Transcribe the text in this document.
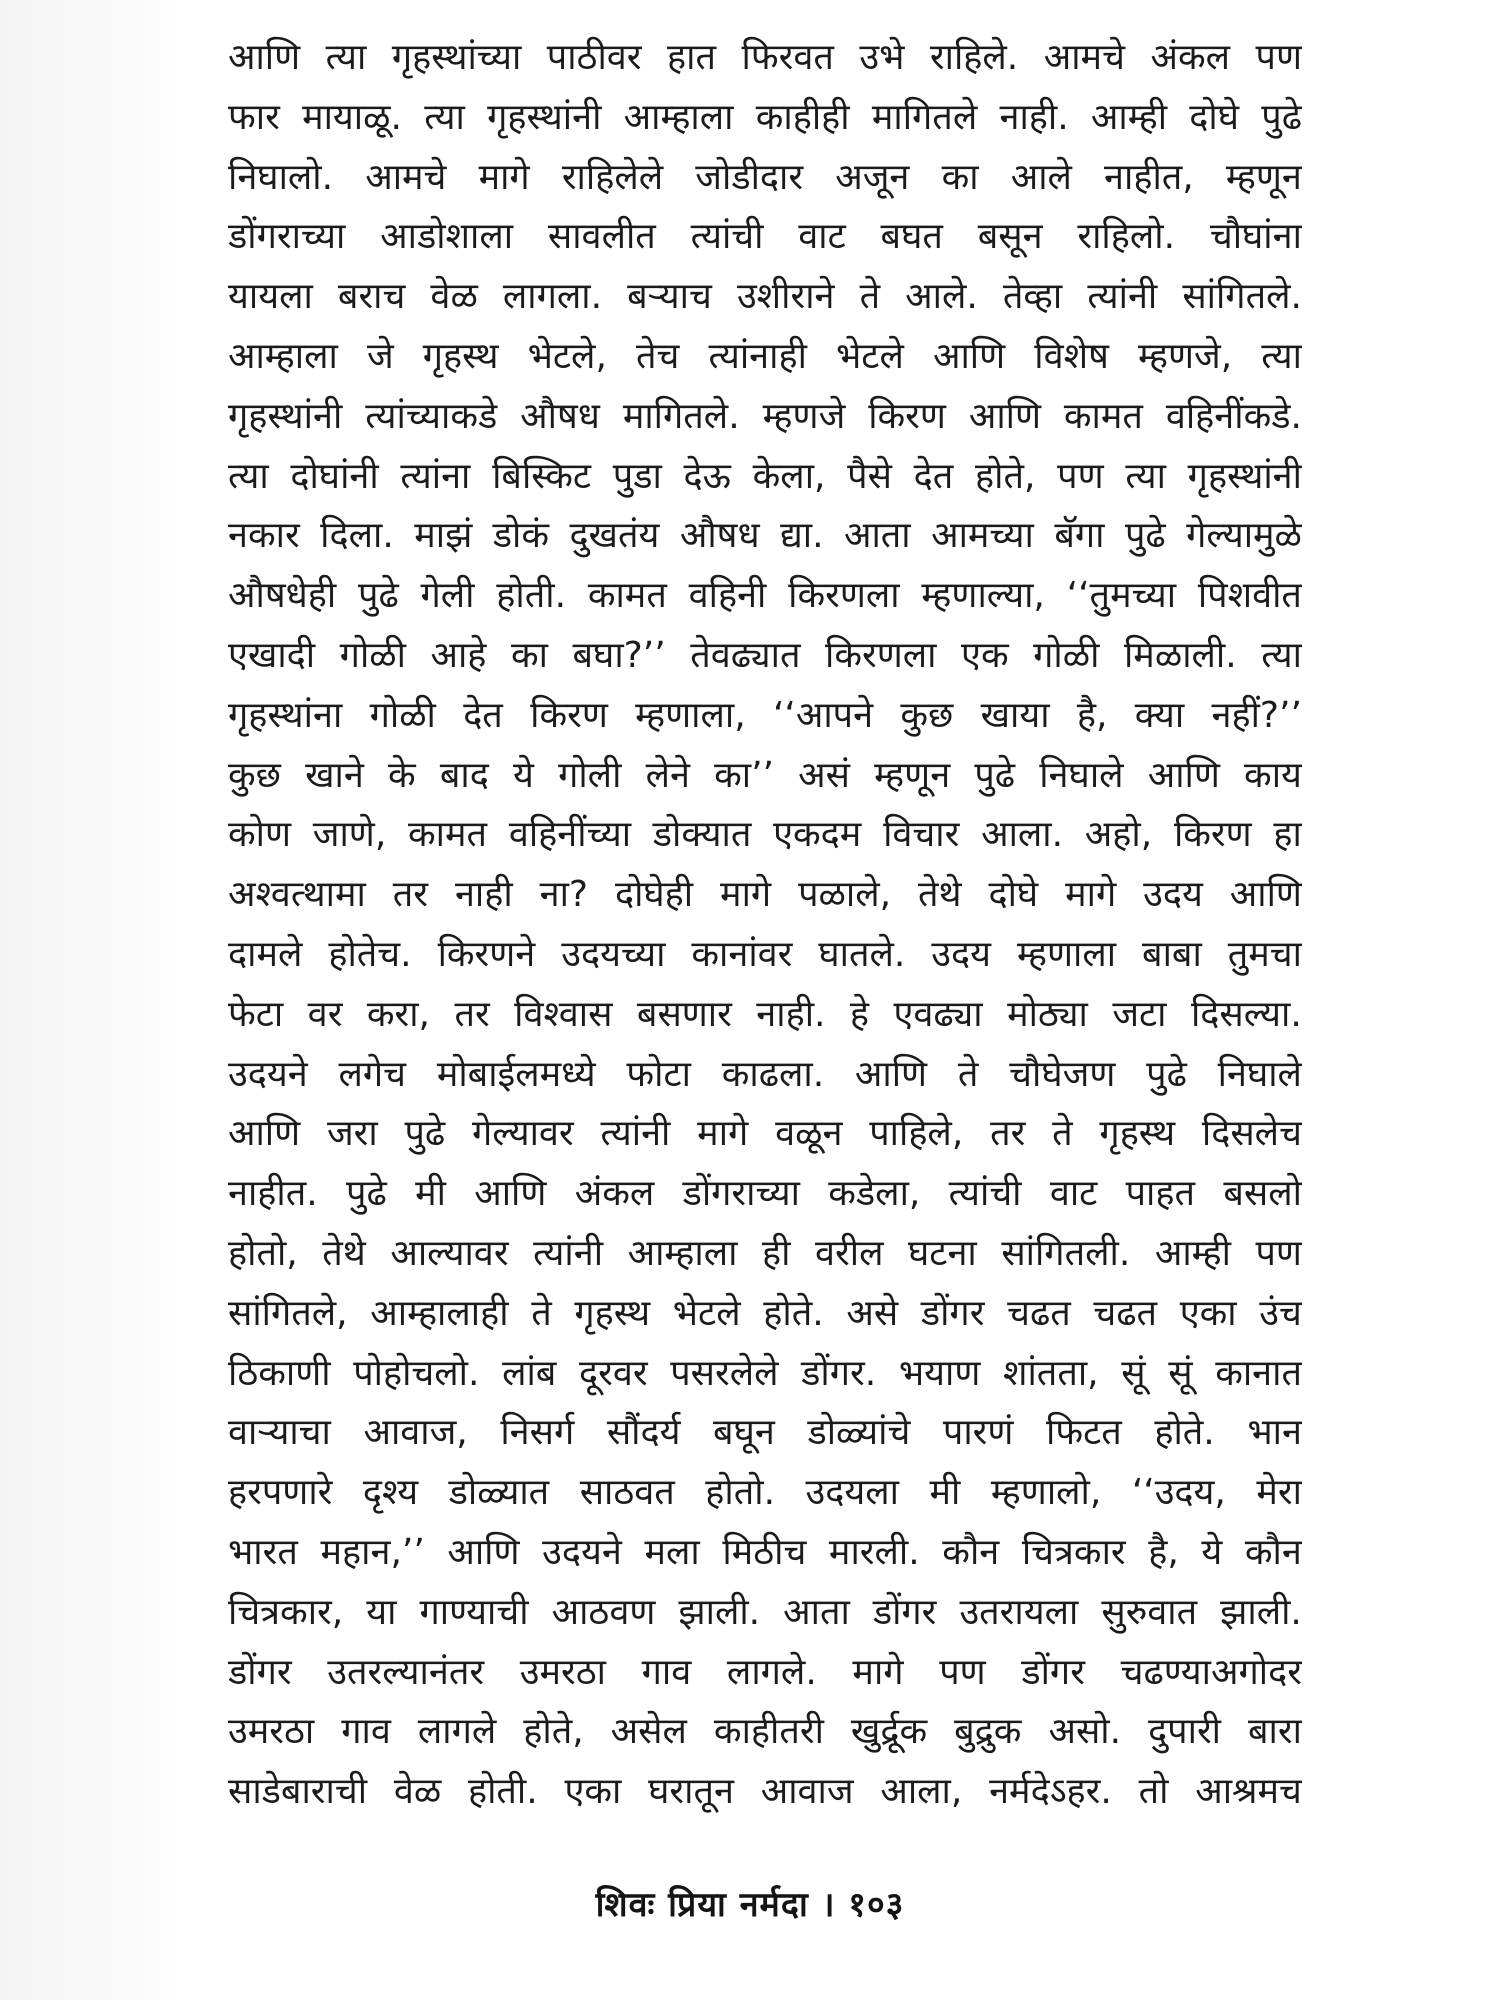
आणि त्या गृहस्थांच्या पाठीवर हात फिरवत उभे राहिले. आमचे अंकल पण
फार मायाळू. त्या गृहस्थांनी आम्हाला काहीही मागितले नाही. आम्ही दोघे पुढे
निघालो. आमचे मागे राहिलेले जोडीदार अजून का आले नाहीत, म्हणून
डोंगराच्या आडोशाला सावलीत त्यांची वाट बघत बसून राहिलो. चौघांना
यायला बराच वेळ लागला. बऱ्याच उशीराने ते आले. तेव्हा त्यांनी सांगितले.
आम्हाला जे गृहस्थ भेटले, तेच त्यांनाही भेटले आणि विशेष म्हणजे, त्या
गृहस्थांनी त्यांच्याकडे औषध मागितले. म्हणजे किरण आणि कामत वहिनींकडे.
त्या दोघांनी त्यांना बिस्किट पुडा देऊ केला, पैसे देत होते, पण त्या गृहस्थांनी
नकार दिला. माझं डोकं दुखतंय औषध द्या. आता आमच्या बॅगा पुढे गेल्यामुळे
औषधेही पुढे गेली होती. कामत वहिनी किरणला म्हणाल्या, ‘‘तुमच्या पिशवीत
एखादी गोळी आहे का बघा?’’ तेवढ्यात किरणला एक गोळी मिळाली. त्या
गृहस्थांना गोळी देत किरण म्हणाला, ‘‘आपने कुछ खाया है, क्या नहीं?’’
कुछ खाने के बाद ये गोली लेने का’’ असं म्हणून पुढे निघाले आणि काय
कोण जाणे, कामत वहिनींच्या डोक्यात एकदम विचार आला. अहो, किरण हा
अश्वत्थामा तर नाही ना? दोघेही मागे पळाले, तेथे दोघे मागे उदय आणि
दामले होतेच. किरणने उदयच्या कानांवर घातले. उदय म्हणाला बाबा तुमचा
फेटा वर करा, तर विश्वास बसणार नाही. हे एवढ्या मोठ्या जटा दिसल्या.
उदयने लगेच मोबाईलमध्ये फोटा काढला. आणि ते चौघेजण पुढे निघाले
आणि जरा पुढे गेल्यावर त्यांनी मागे वळून पाहिले, तर ते गृहस्थ दिसलेच
नाहीत. पुढे मी आणि अंकल डोंगराच्या कडेला, त्यांची वाट पाहत बसलो
होतो, तेथे आल्यावर त्यांनी आम्हाला ही वरील घटना सांगितली. आम्ही पण
सांगितले, आम्हालाही ते गृहस्थ भेटले होते. असे डोंगर चढत चढत एका उंच
ठिकाणी पोहोचलो. लांब दूरवर पसरलेले डोंगर. भयाण शांतता, सूं सूं कानात
वाऱ्याचा आवाज, निसर्ग सौंदर्य बघून डोळ्यांचे पारणं फिटत होते. भान
हरपणारे दृश्य डोळ्यात साठवत होतो. उदयला मी म्हणालो, ‘‘उदय, मेरा
भारत महान,’’ आणि उदयने मला मिठीच मारली. कौन चित्रकार है, ये कौन
चित्रकार, या गाण्याची आठवण झाली. आता डोंगर उतरायला सुरुवात झाली.
डोंगर उतरल्यानंतर उमरठा गाव लागले. मागे पण डोंगर चढण्याअगोदर
उमरठा गाव लागले होते, असेल काहीतरी खुर्द्रूक बुद्रुक असो. दुपारी बारा
साडेबाराची वेळ होती. एका घरातून आवाज आला, नर्मदेऽहर. तो आश्रमच
शिवः प्रिया नर्मदा । १०३
